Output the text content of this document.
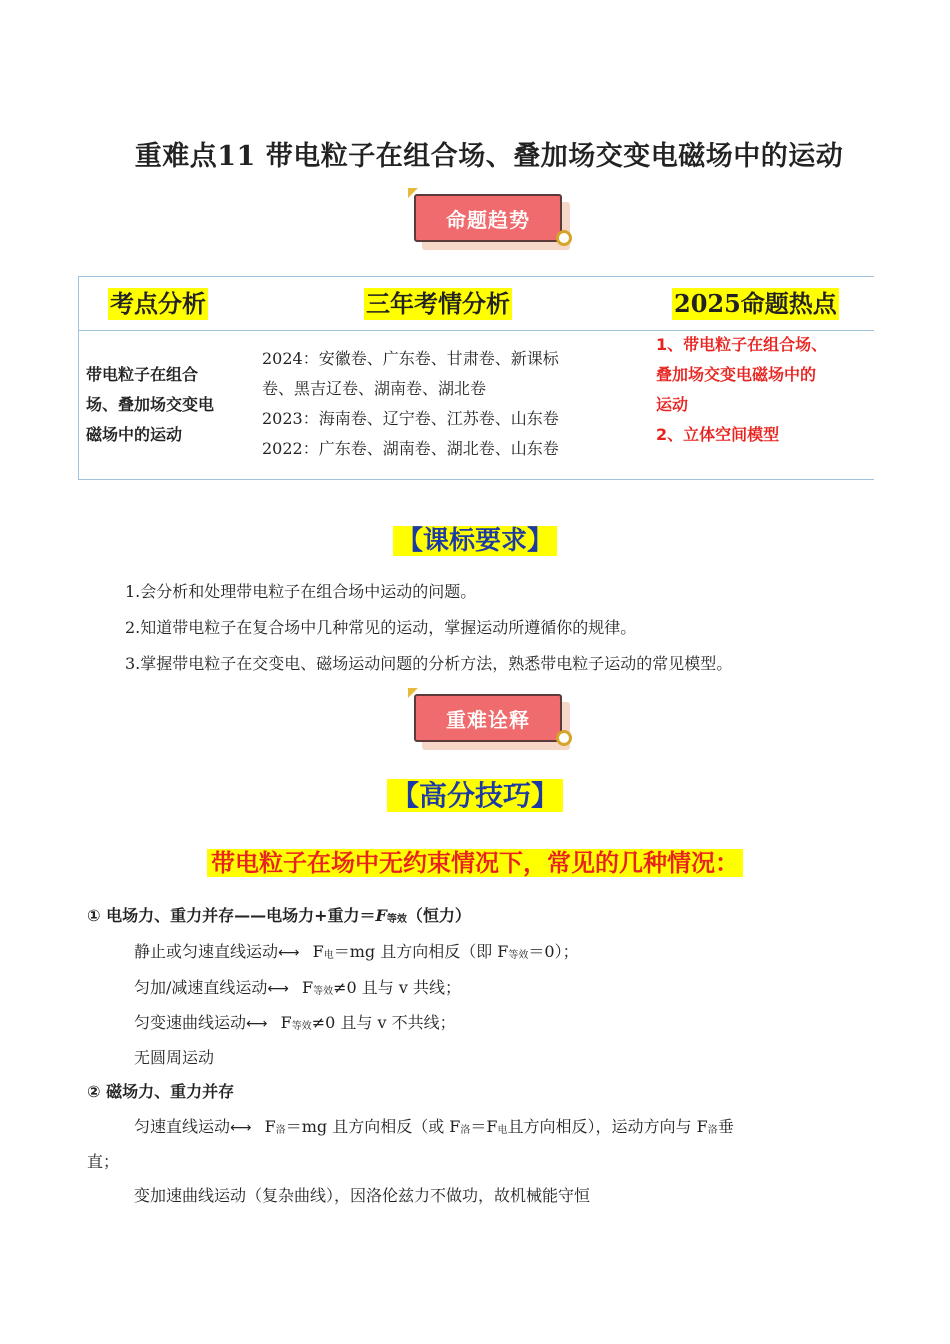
重难点11 带电粒子在组合场、叠加场交变电磁场中的运动
命题趋势
考点分析	三年考情分析	2025命题热点
带电粒子在组合
场、叠加场交变电
磁场中的运动
2024：安徽卷、广东卷、甘肃卷、新课标
卷、黑吉辽卷、湖南卷、湖北卷
2023：海南卷、辽宁卷、江苏卷、山东卷
2022：广东卷、湖南卷、湖北卷、山东卷
1、带电粒子在组合场、
叠加场交变电磁场中的
运动
2、立体空间模型
【课标要求】
1.会分析和处理带电粒子在组合场中运动的问题。
2.知道带电粒子在复合场中几种常见的运动，掌握运动所遵循你的规律。
3.掌握带电粒子在交变电、磁场运动问题的分析方法，熟悉带电粒子运动的常见模型。
重难诠释
【高分技巧】
带电粒子在场中无约束情况下，常见的几种情况：
① 电场力、重力并存——电场力+重力$=F_{等效}$（恒力）
静止或匀速直线运动←→ $F_电=mg$ 且方向相反（即 $F_{等效}=0$）；
匀加/减速直线运动←→ $F_{等效}\ne 0$ 且与 v 共线；
匀变速曲线运动←→ $F_{等效}\ne 0$ 且与 v 不共线；
无圆周运动
② 磁场力、重力并存
匀速直线运动←→ $F_洛=mg$ 且方向相反（或 $F_洛=F_电$且方向相反），运动方向与 $F_洛$垂
直；
变加速曲线运动（复杂曲线），因洛伦兹力不做功，故机械能守恒
